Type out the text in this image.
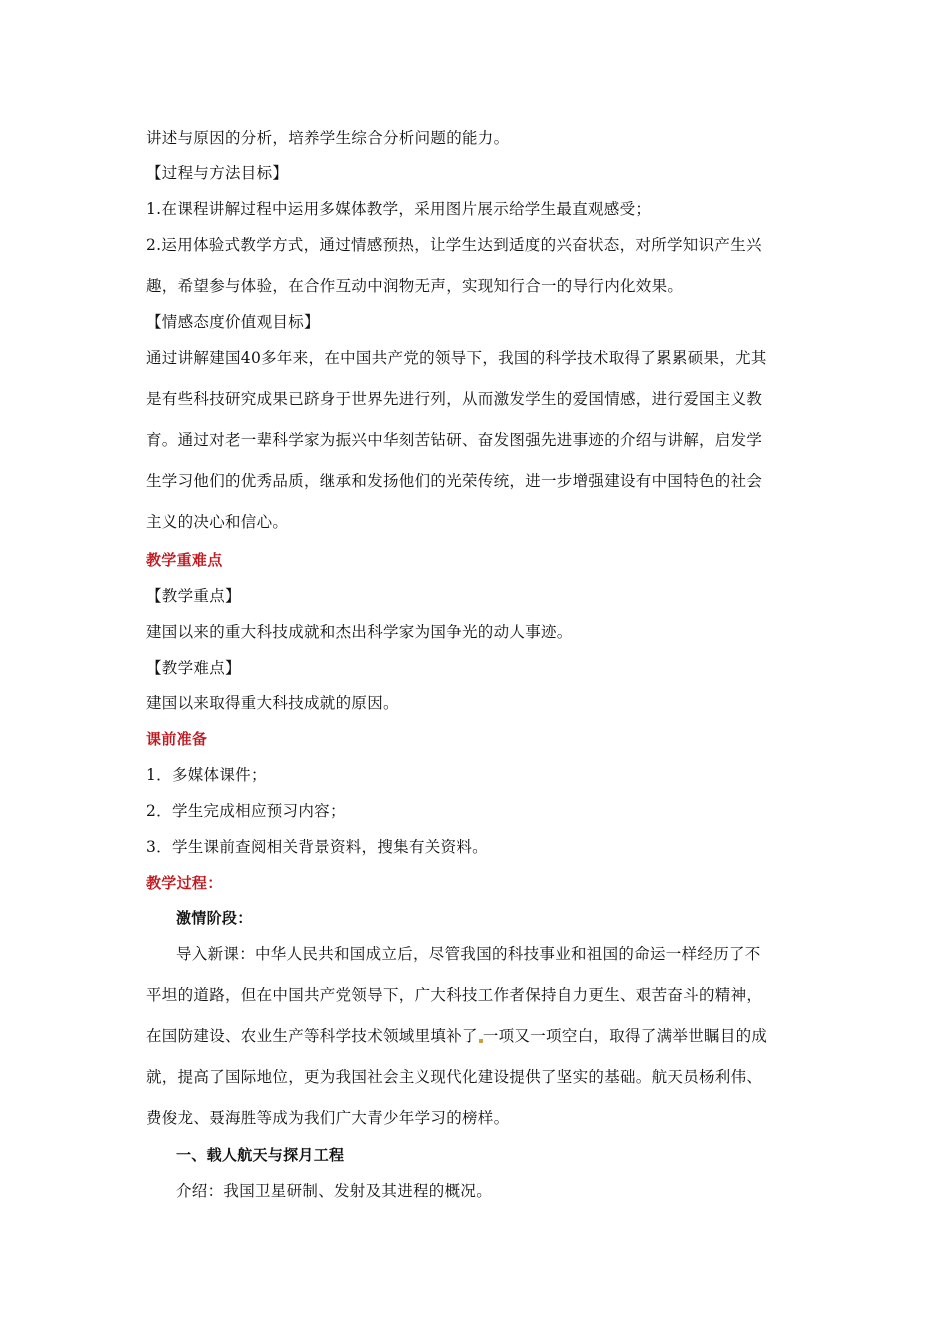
讲述与原因的分析，培养学生综合分析问题的能力。
【过程与方法目标】
1.在课程讲解过程中运用多媒体教学，采用图片展示给学生最直观感受；
2.运用体验式教学方式，通过情感预热，让学生达到适度的兴奋状态，对所学知识产生兴
趣，希望参与体验，在合作互动中润物无声，实现知行合一的导行内化效果。
【情感态度价值观目标】
通过讲解建国40多年来，在中国共产党的领导下，我国的科学技术取得了累累硕果，尤其
是有些科技研究成果已跻身于世界先进行列，从而激发学生的爱国情感，进行爱国主义教
育。通过对老一辈科学家为振兴中华刻苦钻研、奋发图强先进事迹的介绍与讲解，启发学
生学习他们的优秀品质，继承和发扬他们的光荣传统，进一步增强建设有中国特色的社会
主义的决心和信心。
教学重难点
【教学重点】
建国以来的重大科技成就和杰出科学家为国争光的动人事迹。
【教学难点】
建国以来取得重大科技成就的原因。
课前准备
1．多媒体课件；
2．学生完成相应预习内容；
3．学生课前查阅相关背景资料，搜集有关资料。
教学过程：
激情阶段：
导入新课：中华人民共和国成立后，尽管我国的科技事业和祖国的命运一样经历了不
平坦的道路，但在中国共产党领导下，广大科技工作者保持自力更生、艰苦奋斗的精神，
在国防建设、农业生产等科学技术领域里填补了 一项又一项空白，取得了满举世瞩目的成
就，提高了国际地位，更为我国社会主义现代化建设提供了坚实的基础。航天员杨利伟、
费俊龙、聂海胜等成为我们广大青少年学习的榜样。
一、载人航天与探月工程
介绍：我国卫星研制、发射及其进程的概况。
